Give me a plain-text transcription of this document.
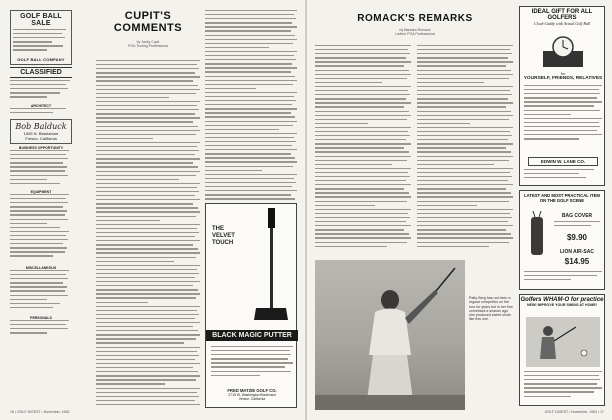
GOLF BALL SALE
GOLF BALL COMPANY
CLASSIFIED
ARCHITECT
Bob Balduck
1505 N. Blackstone
Fresno, California
BUSINESS OPPORTUNITY
EQUIPMENT
MISCELLANEOUS
PERSONALS
CUPIT'S
COMMENTS
by Jacky Cupit
PGA Touring Professional
THE
VELVET
TOUCH
BLACK MAGIC PUTTER
FRED MATZIE GOLF CO.
2715 W. Washington Boulevard
Venice, California
16 • GOLF DIGEST • November, 1963
ROMACK'S REMARKS
by Barbara Romack
Ladies' PGA Professional
Patty Berg has not been a regular competitor on the tour for years but in her fine comeback a season ago she produced sweet shots like this one.
IDEAL GIFT FOR ALL GOLFERS
Clock-Caddy with Actual Golf Ball
for
YOURSELF, FRIENDS, RELATIVES
EDWIN W. LANE CO.
LATEST AND MOST PRACTICAL ITEM ON THE GOLF SCENE
BAG COVER
$9.90
LION AIR-SAC
$14.95
Golfers WHAM-O for practice
NEW! IMPROVE YOUR SWING AT HOME!
GOLF DIGEST • November, 1963 • 17
